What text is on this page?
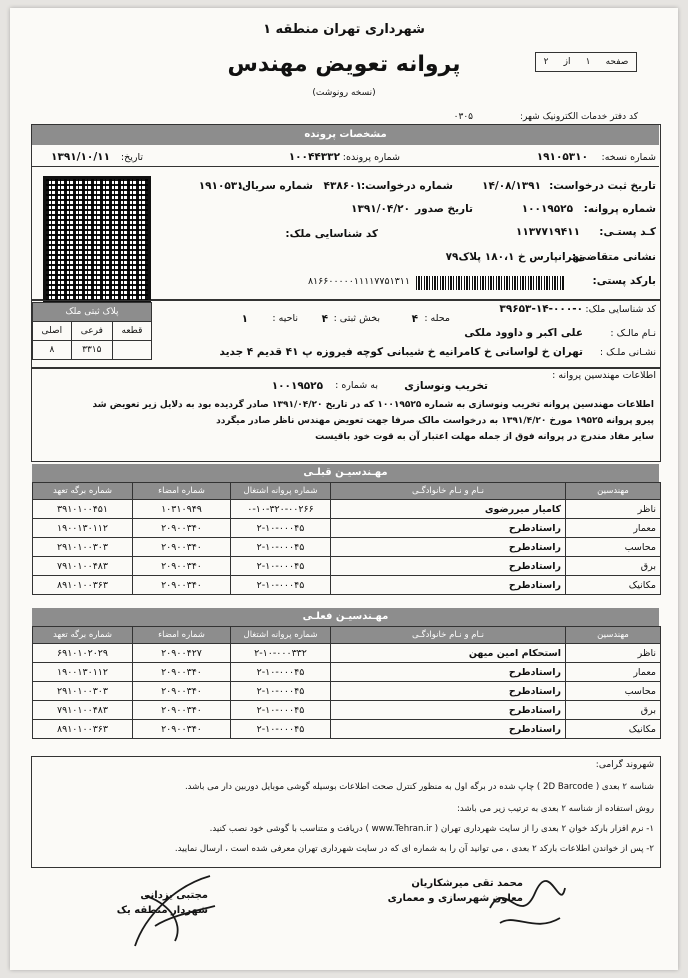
شهرداری تهران منطقه ۱
پروانه تعویض مهندس
(نسخه رونوشت)
صفحه
۱
از
۲
کد دفتر خدمات الکترونیک شهر:
۰۳۰۵
مشخصات پرونده
شماره نسخه:
۱۹۱۰۵۳۱۰
شماره پرونده:
۱۰۰۴۴۳۳۲
تاریخ:
۱۳۹۱/۱۰/۱۱
تاریخ ثبت درخواست:
۱۴/۰۸/۱۳۹۱
شماره درخواست:
۴۳۸۶۰۱
شماره سریال:
۱۹۱۰۵۳۱۰
شماره پروانه:
۱۰۰۱۹۵۲۵
تاریخ صدور
۱۳۹۱/۰۴/۲۰
کـد پستـی:
۱۱۳۷۷۱۹۴۱۱
کد شناسایی ملک:
نشانی متقاضی:
تهرانپارس خ ۱۸۰،۱ پلاک۷۹
بارکد پستی:
۸۱۶۶۰۰۰۰۰۱۱۱۱۷۷۵۱۳۱۱
پلاک ثبتی ملک		
قطعه	فرعی	اصلی
	۳۳۱۵	۸
کد شناسایی ملک:
۳۹۶۵۳-۱۴-۰۰۰-۰
محله :
۴
بخش ثبتی :
۴
ناحیه :
۱
نـام مالـک :
علی اکبر و داوود ملکی
نشـانی ملـک :
تهران خ لواسانی خ کامرانیه خ شیبانی کوچه فیروزه پ ۴۱ قدیم ۴ جدید
اطلاعات مهندسین پروانه :
تخریب ونوسازی
به شماره :
۱۰۰۱۹۵۲۵
اطلاعات مهندسین پروانه تخریب ونوسازی به شماره ۱۰۰۱۹۵۲۵ که در تاریخ ۱۳۹۱/۰۴/۲۰ صادر گردیده بود به دلایل زیر تعویض شد
پیرو پروانه ۱۹۵۲۵ مورخ ۱۳۹۱/۴/۲۰ به درخواست مالک صرفا جهت تعویض مهندس ناظر صادر میگردد
سایر مفاد مندرج در پروانه فوق از جمله مهلت اعتبار آن به قوت خود باقیست
مهـندسیـن قبلـی
مهندسین	نـام و نـام خانوادگـی	شماره پروانه اشتغال	شماره امضاء	شماره برگه تعهد
ناظر	کامیار میررضوی	۰-۱۰-۳۲۰-۰۰۲۶۶	۱۰۳۱۰۹۴۹	۳۹۱۰۱۰۰۴۵۱
معمار	راستادطرح	۲-۱۰-۰۰۰۴۵	۲۰۹۰۰۳۴۰	۱۹۰۰۱۳۰۱۱۲
محاسب	راستادطرح	۲-۱۰-۰۰۰۴۵	۲۰۹۰۰۳۴۰	۲۹۱۰۱۰۰۳۰۳
برق	راستادطرح	۲-۱۰-۰۰۰۴۵	۲۰۹۰۰۳۴۰	۷۹۱۰۱۰۰۴۸۳
مکانیک	راستادطرح	۲-۱۰-۰۰۰۴۵	۲۰۹۰۰۳۴۰	۸۹۱۰۱۰۰۳۶۳
مهـندسیـن فعلـی
مهندسین	نـام و نـام خانوادگـی	شماره پروانه اشتغال	شماره امضاء	شماره برگه تعهد
ناظر	استحکام امین میهن	۲-۱۰-۰۰۰۳۳۲	۲۰۹۰۰۴۲۷	۶۹۱۰۱۰۲۰۲۹
معمار	راستادطرح	۲-۱۰-۰۰۰۴۵	۲۰۹۰۰۳۴۰	۱۹۰۰۱۳۰۱۱۲
محاسب	راستادطرح	۲-۱۰-۰۰۰۴۵	۲۰۹۰۰۳۴۰	۲۹۱۰۱۰۰۳۰۳
برق	راستادطرح	۲-۱۰-۰۰۰۴۵	۲۰۹۰۰۳۴۰	۷۹۱۰۱۰۰۴۸۳
مکانیک	راستادطرح	۲-۱۰-۰۰۰۴۵	۲۰۹۰۰۳۴۰	۸۹۱۰۱۰۰۳۶۳
شهروند گرامی:
شناسه ۲ بعدی ( 2D Barcode ) چاپ شده در برگه اول به منظور کنترل صحت اطلاعات بوسیله گوشی موبایل دوربین دار می باشد.
روش استفاده از شناسه ۲ بعدی به ترتیب زیر می باشد:
۱- نرم افزار بارکد خوان ۲ بعدی را از سایت شهرداری تهران ( www.Tehran.ir ) دریافت و متناسب با گوشی خود نصب کنید.
۲- پس از خواندن اطلاعات بارکد ۲ بعدی ، می توانید آن را به شماره ای که در سایت شهرداری تهران معرفی شده است ، ارسال نمایید.
محمد تقی میرشکاریان
معاون شهرسازی و معماری
مجتبی یزدانی
شهردار منطقه یک
